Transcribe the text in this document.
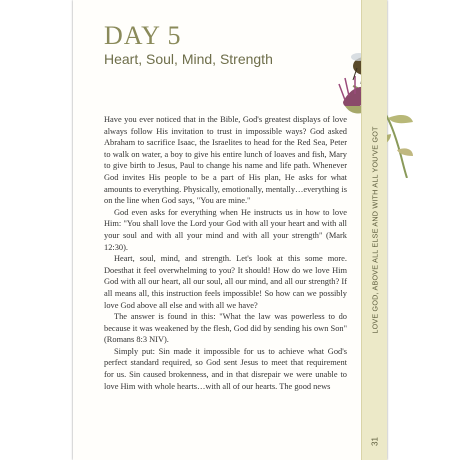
DAY 5
Heart, Soul, Mind, Strength

Have you ever noticed that in the Bible, God's greatest displays of love always follow His invitation to trust in impossible ways? God asked Abraham to sacrifice Isaac, the Israelites to head for the Red Sea, Peter to walk on water, a boy to give his entire lunch of loaves and fish, Mary to give birth to Jesus, Paul to change his name and life path. Whenever God invites His people to be a part of His plan, He asks for what amounts to everything. Physically, emotionally, mentally…everything is on the line when God says, "You are mine."

God even asks for everything when He instructs us in how to love Him: "You shall love the Lord your God with all your heart and with all your soul and with all your mind and with all your strength" (Mark 12:30).

Heart, soul, mind, and strength. Let's look at this some more. Doesthat it feel overwhelming to you? It should! How do we love Him God with all our heart, all our soul, all our mind, and all our strength? If all means all, this instruction feels impossible! So how can we possibly love God above all else and with all we have?

The answer is found in this: "What the law was powerless to do because it was weakened by the flesh, God did by sending his own Son" (Romans 8:3 NIV).

Simply put: Sin made it impossible for us to achieve what God's perfect standard required, so God sent Jesus to meet that requirement for us. Sin caused brokenness, and in that disrepair we were unable to love Him with whole hearts…with all of our hearts. The good news

LOVE GOD, ABOVE ALL ELSE AND WITH ALL YOU'VE GOT
31
